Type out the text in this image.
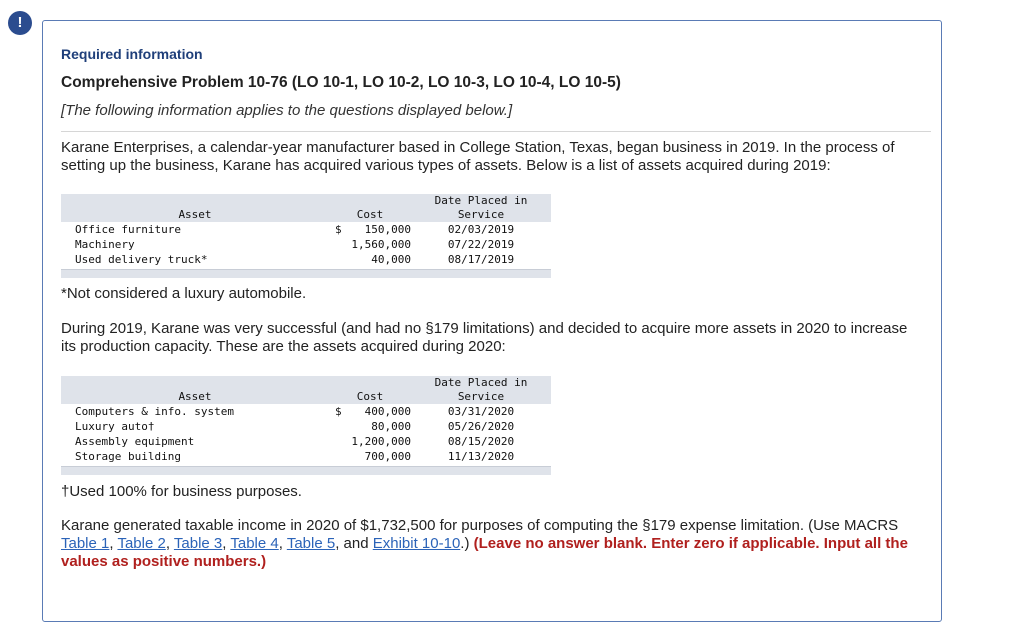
!
Required information
Comprehensive Problem 10-76 (LO 10-1, LO 10-2, LO 10-3, LO 10-4, LO 10-5)
[The following information applies to the questions displayed below.]
Karane Enterprises, a calendar-year manufacturer based in College Station, Texas, began business in 2019. In the process of setting up the business, Karane has acquired various types of assets. Below is a list of assets acquired during 2019:
		Date Placed in
Asset	Cost	Service
Office furniture	$ 150,000	02/03/2019
Machinery	1,560,000	07/22/2019
Used delivery truck*	40,000	08/17/2019
*Not considered a luxury automobile.
During 2019, Karane was very successful (and had no §179 limitations) and decided to acquire more assets in 2020 to increase its production capacity. These are the assets acquired during 2020:
		Date Placed in
Asset	Cost	Service
Computers & info. system	$ 400,000	03/31/2020
Luxury auto†	80,000	05/26/2020
Assembly equipment	1,200,000	08/15/2020
Storage building	700,000	11/13/2020
†Used 100% for business purposes.
Karane generated taxable income in 2020 of $1,732,500 for purposes of computing the §179 expense limitation. (Use MACRS Table 1, Table 2, Table 3, Table 4, Table 5, and Exhibit 10-10.) (Leave no answer blank. Enter zero if applicable. Input all the values as positive numbers.)
